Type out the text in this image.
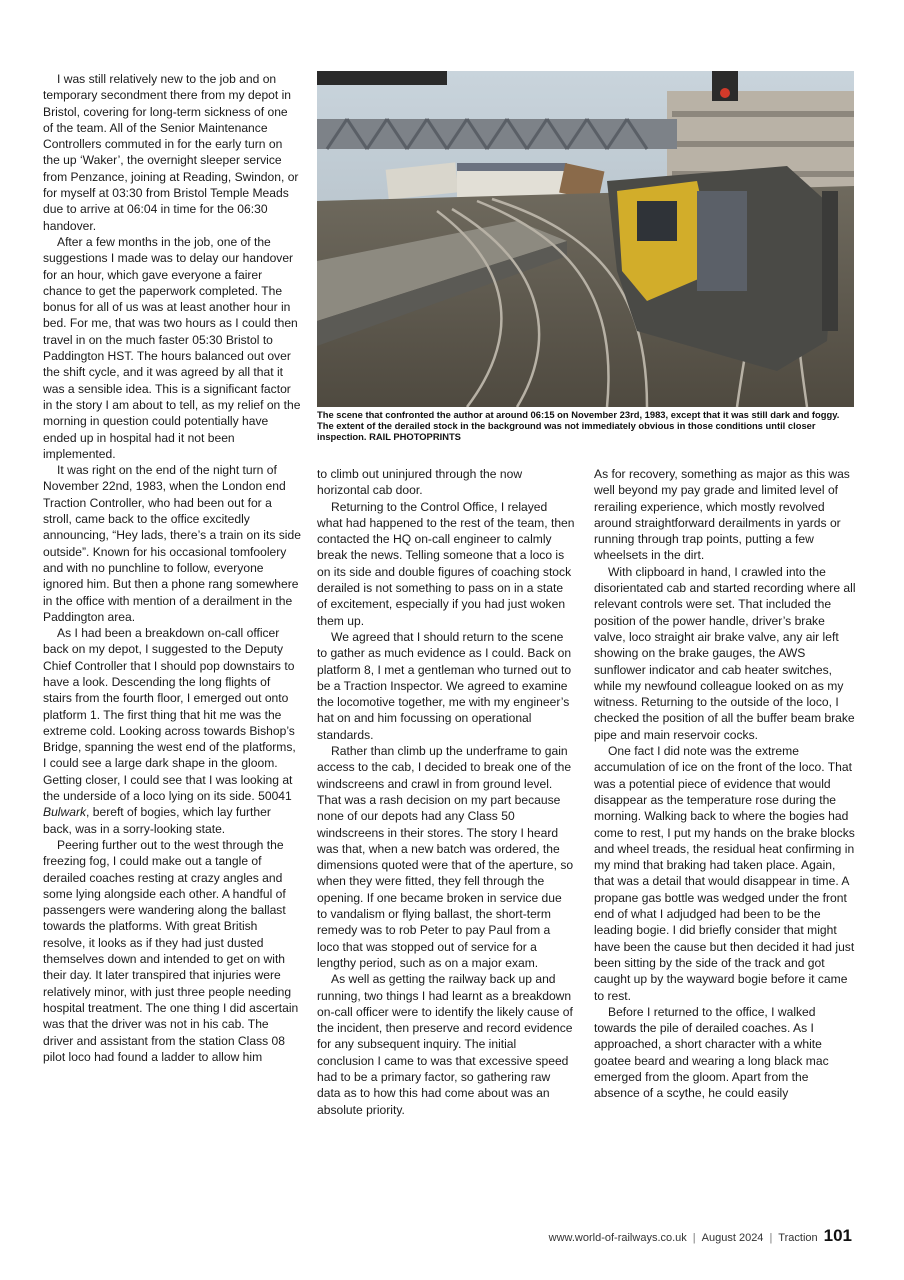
I was still relatively new to the job and on temporary secondment there from my depot in Bristol, covering for long-term sickness of one of the team. All of the Senior Maintenance Controllers commuted in for the early turn on the up ‘Waker’, the overnight sleeper service from Penzance, joining at Reading, Swindon, or for myself at 03:30 from Bristol Temple Meads due to arrive at 06:04 in time for the 06:30 handover.

After a few months in the job, one of the suggestions I made was to delay our handover for an hour, which gave everyone a fairer chance to get the paperwork completed. The bonus for all of us was at least another hour in bed. For me, that was two hours as I could then travel in on the much faster 05:30 Bristol to Paddington HST. The hours balanced out over the shift cycle, and it was agreed by all that it was a sensible idea. This is a significant factor in the story I am about to tell, as my relief on the morning in question could potentially have ended up in hospital had it not been implemented.

It was right on the end of the night turn of November 22nd, 1983, when the London end Traction Controller, who had been out for a stroll, came back to the office excitedly announcing, “Hey lads, there’s a train on its side outside”. Known for his occasional tomfoolery and with no punchline to follow, everyone ignored him. But then a phone rang somewhere in the office with mention of a derailment in the Paddington area.

As I had been a breakdown on-call officer back on my depot, I suggested to the Deputy Chief Controller that I should pop downstairs to have a look. Descending the long flights of stairs from the fourth floor, I emerged out onto platform 1. The first thing that hit me was the extreme cold. Looking across towards Bishop’s Bridge, spanning the west end of the platforms, I could see a large dark shape in the gloom. Getting closer, I could see that I was looking at the underside of a loco lying on its side. 50041 Bulwark, bereft of bogies, which lay further back, was in a sorry-looking state.

Peering further out to the west through the freezing fog, I could make out a tangle of derailed coaches resting at crazy angles and some lying alongside each other. A handful of passengers were wandering along the ballast towards the platforms. With great British resolve, it looks as if they had just dusted themselves down and intended to get on with their day. It later transpired that injuries were relatively minor, with just three people needing hospital treatment. The one thing I did ascertain was that the driver was not in his cab. The driver and assistant from the station Class 08 pilot loco had found a ladder to allow him

The scene that confronted the author at around 06:15 on November 23rd, 1983, except that it was still dark and foggy. The extent of the derailed stock in the background was not immediately obvious in those conditions until closer inspection. RAIL PHOTOPRINTS

to climb out uninjured through the now horizontal cab door.

Returning to the Control Office, I relayed what had happened to the rest of the team, then contacted the HQ on-call engineer to calmly break the news. Telling someone that a loco is on its side and double figures of coaching stock derailed is not something to pass on in a state of excitement, especially if you had just woken them up.

We agreed that I should return to the scene to gather as much evidence as I could. Back on platform 8, I met a gentleman who turned out to be a Traction Inspector. We agreed to examine the locomotive together, me with my engineer’s hat on and him focussing on operational standards.

Rather than climb up the underframe to gain access to the cab, I decided to break one of the windscreens and crawl in from ground level. That was a rash decision on my part because none of our depots had any Class 50 windscreens in their stores. The story I heard was that, when a new batch was ordered, the dimensions quoted were that of the aperture, so when they were fitted, they fell through the opening. If one became broken in service due to vandalism or flying ballast, the short-term remedy was to rob Peter to pay Paul from a loco that was stopped out of service for a lengthy period, such as on a major exam.

As well as getting the railway back up and running, two things I had learnt as a breakdown on-call officer were to identify the likely cause of the incident, then preserve and record evidence for any subsequent inquiry. The initial conclusion I came to was that excessive speed had to be a primary factor, so gathering raw data as to how this had come about was an absolute priority.

As for recovery, something as major as this was well beyond my pay grade and limited level of rerailing experience, which mostly revolved around straightforward derailments in yards or running through trap points, putting a few wheelsets in the dirt.

With clipboard in hand, I crawled into the disorientated cab and started recording where all relevant controls were set. That included the position of the power handle, driver’s brake valve, loco straight air brake valve, any air left showing on the brake gauges, the AWS sunflower indicator and cab heater switches, while my newfound colleague looked on as my witness. Returning to the outside of the loco, I checked the position of all the buffer beam brake pipe and main reservoir cocks.

One fact I did note was the extreme accumulation of ice on the front of the loco. That was a potential piece of evidence that would disappear as the temperature rose during the morning. Walking back to where the bogies had come to rest, I put my hands on the brake blocks and wheel treads, the residual heat confirming in my mind that braking had taken place. Again, that was a detail that would disappear in time. A propane gas bottle was wedged under the front end of what I adjudged had been to be the leading bogie. I did briefly consider that might have been the cause but then decided it had just been sitting by the side of the track and got caught up by the wayward bogie before it came to rest.

Before I returned to the office, I walked towards the pile of derailed coaches. As I approached, a short character with a white goatee beard and wearing a long black mac emerged from the gloom. Apart from the absence of a scythe, he could easily

www.world-of-railways.co.uk | August 2024 | Traction 101
